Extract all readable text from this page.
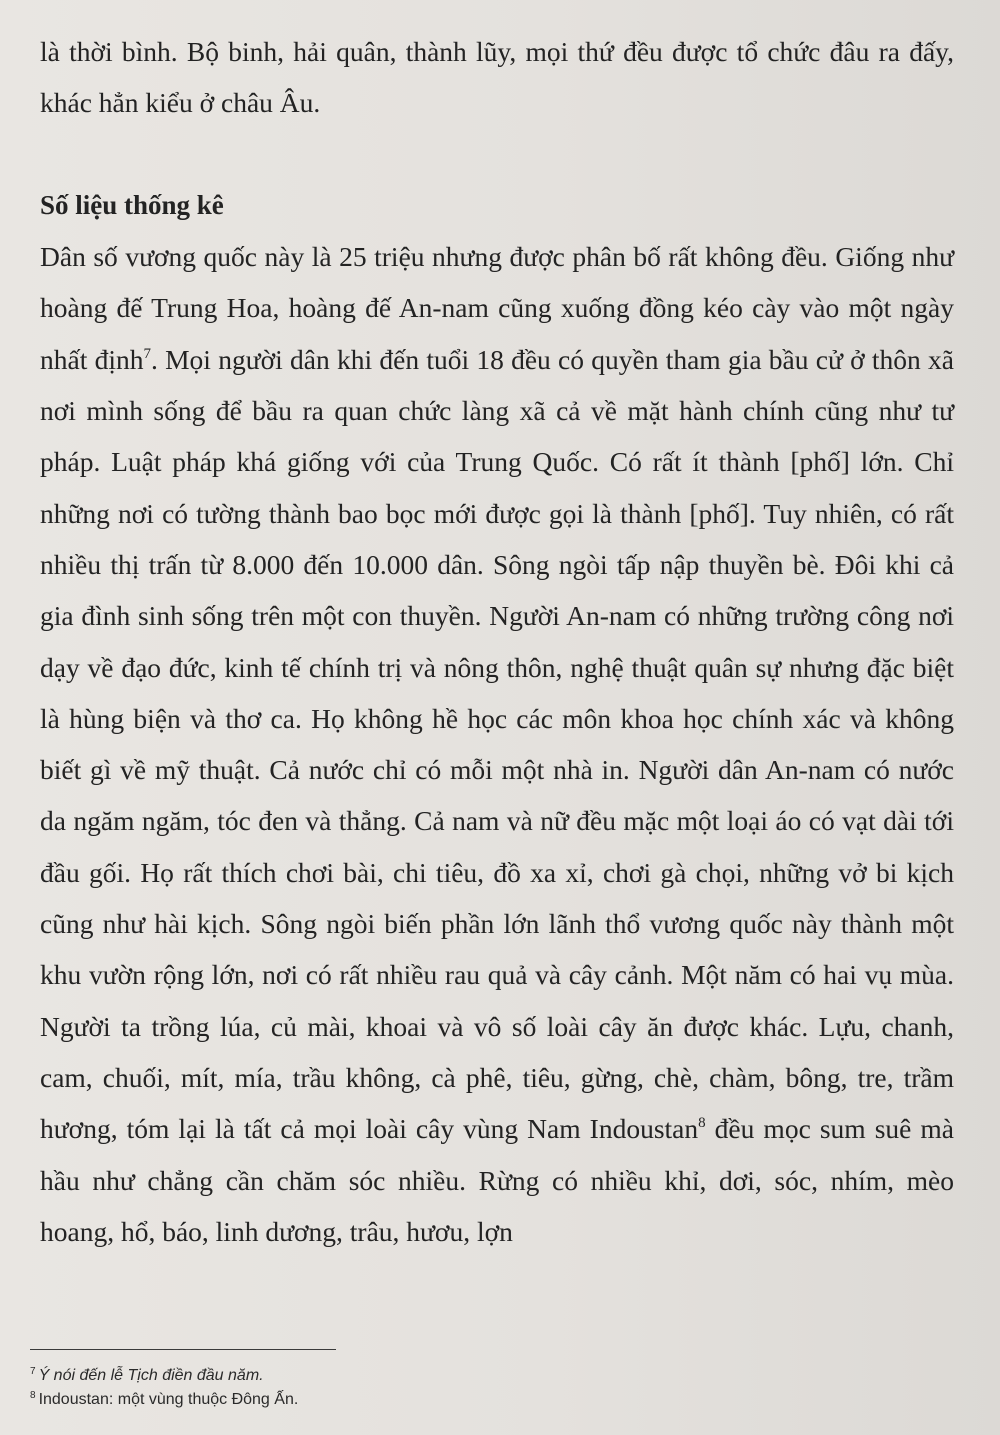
là thời bình. Bộ binh, hải quân, thành lũy, mọi thứ đều được tổ chức đâu ra đấy, khác hẳn kiểu ở châu Âu.

Số liệu thống kê

Dân số vương quốc này là 25 triệu nhưng được phân bố rất không đều. Giống như hoàng đế Trung Hoa, hoàng đế An-nam cũng xuống đồng kéo cày vào một ngày nhất định$^7$. Mọi người dân khi đến tuổi 18 đều có quyền tham gia bầu cử ở thôn xã nơi mình sống để bầu ra quan chức làng xã cả về mặt hành chính cũng như tư pháp. Luật pháp khá giống với của Trung Quốc. Có rất ít thành [phố] lớn. Chỉ những nơi có tường thành bao bọc mới được gọi là thành [phố]. Tuy nhiên, có rất nhiều thị trấn từ 8.000 đến 10.000 dân. Sông ngòi tấp nập thuyền bè. Đôi khi cả gia đình sinh sống trên một con thuyền. Người An-nam có những trường công nơi dạy về đạo đức, kinh tế chính trị và nông thôn, nghệ thuật quân sự nhưng đặc biệt là hùng biện và thơ ca. Họ không hề học các môn khoa học chính xác và không biết gì về mỹ thuật. Cả nước chỉ có mỗi một nhà in. Người dân An-nam có nước da ngăm ngăm, tóc đen và thẳng. Cả nam và nữ đều mặc một loại áo có vạt dài tới đầu gối. Họ rất thích chơi bài, chi tiêu, đồ xa xỉ, chơi gà chọi, những vở bi kịch cũng như hài kịch. Sông ngòi biến phần lớn lãnh thổ vương quốc này thành một khu vườn rộng lớn, nơi có rất nhiều rau quả và cây cảnh. Một năm có hai vụ mùa. Người ta trồng lúa, củ mài, khoai và vô số loài cây ăn được khác. Lựu, chanh, cam, chuối, mít, mía, trầu không, cà phê, tiêu, gừng, chè, chàm, bông, tre, trầm hương, tóm lại là tất cả mọi loài cây vùng Nam Indoustan$^8$ đều mọc sum suê mà hầu như chẳng cần chăm sóc nhiều. Rừng có nhiều khỉ, dơi, sóc, nhím, mèo hoang, hổ, báo, linh dương, trâu, hươu, lợn

$^7$ Ý nói đến lễ Tịch điền đầu năm.

$^8$ Indoustan: một vùng thuộc Đông Ấn.
